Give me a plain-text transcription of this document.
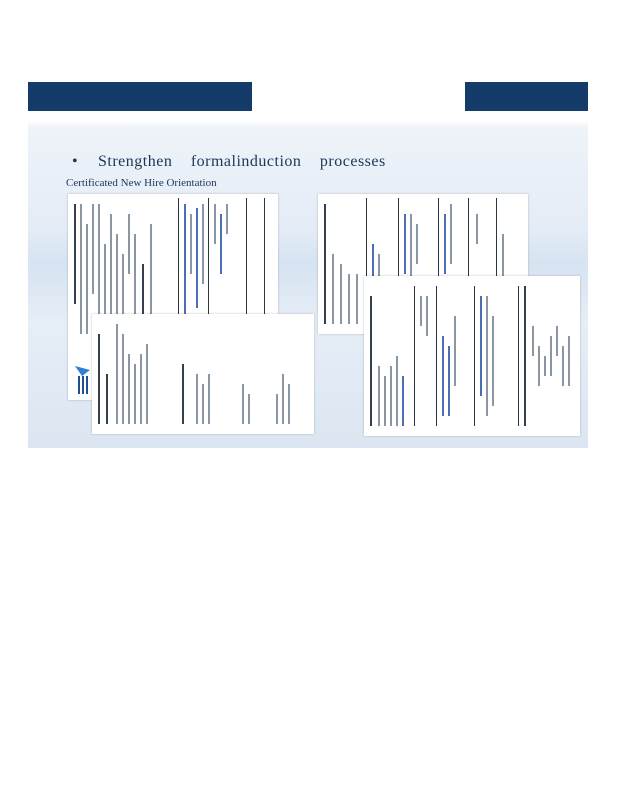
•	Strengthen formalinduction processes
Certificated New Hire Orientation
